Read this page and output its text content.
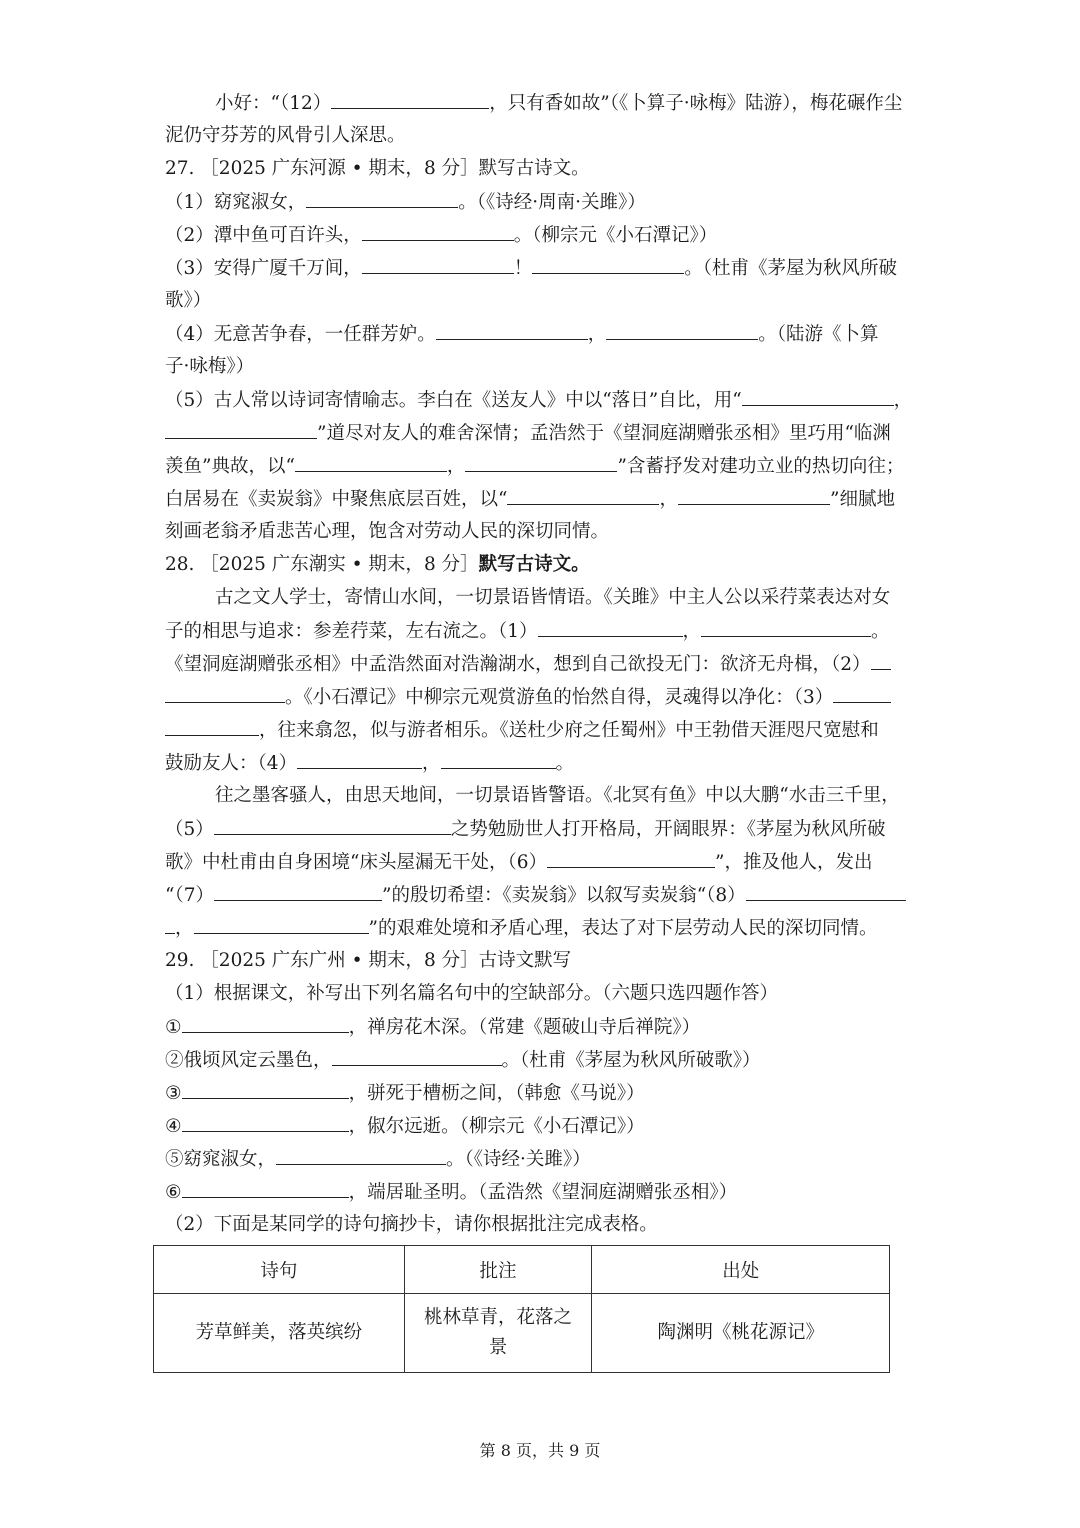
小好：“（12）	，只有香如故”（《卜算子·咏梅》陆游），梅花碾作尘
泥仍守芬芳的风骨引人深思。
27. ［2025 广东河源 • 期末，8 分］默写古诗文。
（1）窈窕淑女，	。（《诗经·周南·关雎》）
（2）潭中鱼可百许头，	。（柳宗元《小石潭记》）
（3）安得广厦千万间，	！	。（杜甫《茅屋为秋风所破
歌》）
（4）无意苦争春，一任群芳妒。	，	。（陆游《卜算
子·咏梅》）
（5）古人常以诗词寄情喻志。李白在《送友人》中以“落日”自比，用“	，
”道尽对友人的难舍深情；孟浩然于《望洞庭湖赠张丞相》里巧用“临渊
羡鱼”典故，以“	，	”含蓄抒发对建功立业的热切向往；
白居易在《卖炭翁》中聚焦底层百姓，以“	，	”细腻地
刻画老翁矛盾悲苦心理，饱含对劳动人民的深切同情。
28. ［2025 广东潮实 • 期末，8 分］默写古诗文。
古之文人学士，寄情山水间，一切景语皆情语。《关雎》中主人公以采荇菜表达对女
子的相思与追求：参差荇菜，左右流之。（1）	，	。
《望洞庭湖赠张丞相》中孟浩然面对浩瀚湖水，想到自己欲投无门：欲济无舟楫，（2）
。《小石潭记》中柳宗元观赏游鱼的怡然自得，灵魂得以净化：（3）
，往来翕忽，似与游者相乐。《送杜少府之任蜀州》中王勃借天涯咫尺宽慰和
鼓励友人：（4）	，	。
往之墨客骚人，由思天地间，一切景语皆警语。《北冥有鱼》中以大鹏“水击三千里，
（5）	之势勉励世人打开格局，开阔眼界：《茅屋为秋风所破
歌》中杜甫由自身困境“床头屋漏无干处，（6）	”，推及他人，发出
“（7）	”的殷切希望：《卖炭翁》以叙写卖炭翁“（8）
，	”的艰难处境和矛盾心理，表达了对下层劳动人民的深切同情。
29. ［2025 广东广州 • 期末，8 分］古诗文默写
（1）根据课文，补写出下列名篇名句中的空缺部分。（六题只选四题作答）
①	，禅房花木深。（常建《题破山寺后禅院》）
②俄顷风定云墨色，	。（杜甫《茅屋为秋风所破歌》）
③	，骈死于槽枥之间，（韩愈《马说》）
④	，俶尔远逝。（柳宗元《小石潭记》）
⑤窈窕淑女，	。（《诗经·关雎》）
⑥	，端居耻圣明。（孟浩然《望洞庭湖赠张丞相》）
（2）下面是某同学的诗句摘抄卡，请你根据批注完成表格。
诗句	批注	出处
芳草鲜美，落英缤纷	桃林草青，花落之景	陶渊明《桃花源记》
第 8 页，共 9 页
